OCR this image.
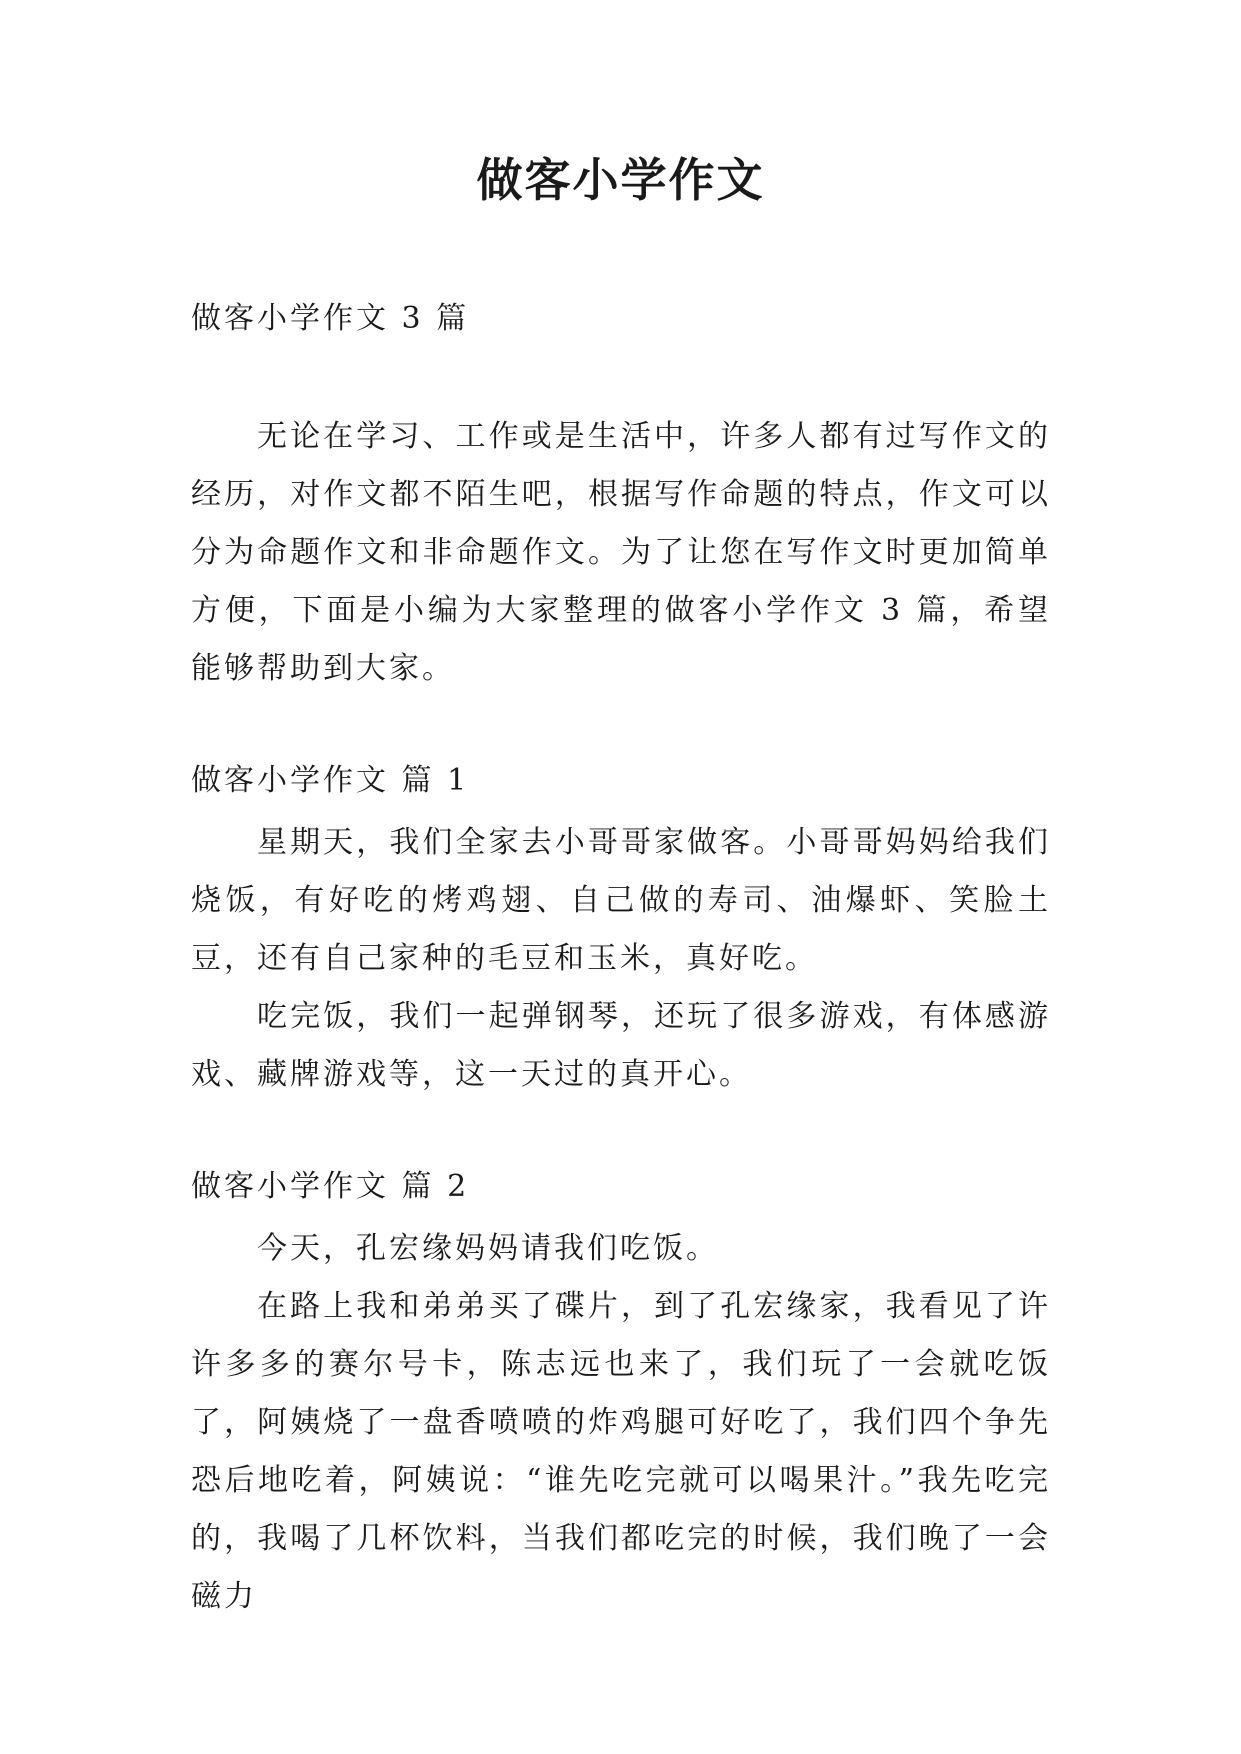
做客小学作文

做客小学作文 3 篇

无论在学习、工作或是生活中，许多人都有过写作文的经历，对作文都不陌生吧，根据写作命题的特点，作文可以分为命题作文和非命题作文。为了让您在写作文时更加简单方便，下面是小编为大家整理的做客小学作文 3 篇，希望能够帮助到大家。

做客小学作文 篇 1

星期天，我们全家去小哥哥家做客。小哥哥妈妈给我们烧饭，有好吃的烤鸡翅、自己做的寿司、油爆虾、笑脸土豆，还有自己家种的毛豆和玉米，真好吃。

吃完饭，我们一起弹钢琴，还玩了很多游戏，有体感游戏、藏牌游戏等，这一天过的真开心。

做客小学作文 篇 2

今天，孔宏缘妈妈请我们吃饭。

在路上我和弟弟买了碟片，到了孔宏缘家，我看见了许许多多的赛尔号卡，陈志远也来了，我们玩了一会就吃饭了，阿姨烧了一盘香喷喷的炸鸡腿可好吃了，我们四个争先恐后地吃着，阿姨说：“谁先吃完就可以喝果汁。”我先吃完的，我喝了几杯饮料，当我们都吃完的时候，我们晚了一会磁力
